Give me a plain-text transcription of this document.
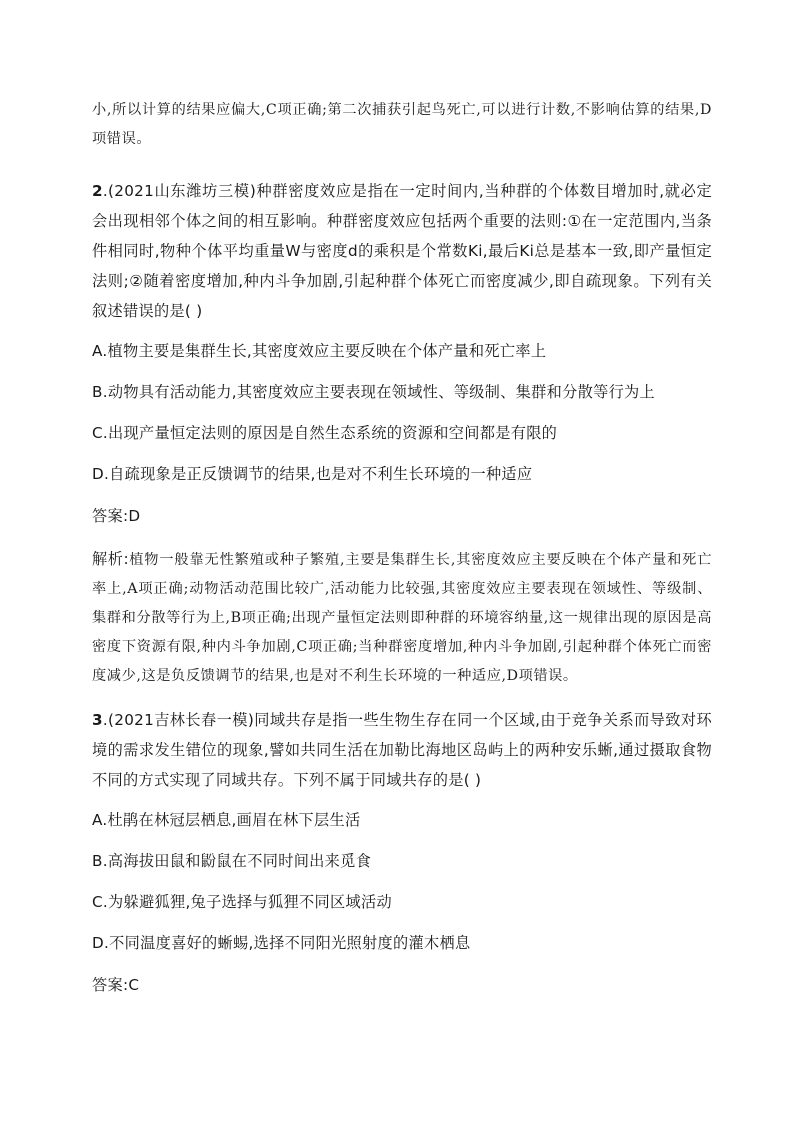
小,所以计算的结果应偏大,C项正确;第二次捕获引起鸟死亡,可以进行计数,不影响估算的结果,D项错误。

2.(2021山东潍坊三模)种群密度效应是指在一定时间内,当种群的个体数目增加时,就必定会出现相邻个体之间的相互影响。种群密度效应包括两个重要的法则:①在一定范围内,当条件相同时,物种个体平均重量W与密度d的乘积是个常数Ki,最后Ki总是基本一致,即产量恒定法则;②随着密度增加,种内斗争加剧,引起种群个体死亡而密度减少,即自疏现象。下列有关叙述错误的是( )

A.植物主要是集群生长,其密度效应主要反映在个体产量和死亡率上

B.动物具有活动能力,其密度效应主要表现在领域性、等级制、集群和分散等行为上

C.出现产量恒定法则的原因是自然生态系统的资源和空间都是有限的

D.自疏现象是正反馈调节的结果,也是对不利生长环境的一种适应

答案:D

解析:植物一般靠无性繁殖或种子繁殖,主要是集群生长,其密度效应主要反映在个体产量和死亡率上,A项正确;动物活动范围比较广,活动能力比较强,其密度效应主要表现在领域性、等级制、集群和分散等行为上,B项正确;出现产量恒定法则即种群的环境容纳量,这一规律出现的原因是高密度下资源有限,种内斗争加剧,C项正确;当种群密度增加,种内斗争加剧,引起种群个体死亡而密度减少,这是负反馈调节的结果,也是对不利生长环境的一种适应,D项错误。

3.(2021吉林长春一模)同域共存是指一些生物生存在同一个区域,由于竞争关系而导致对环境的需求发生错位的现象,譬如共同生活在加勒比海地区岛屿上的两种安乐蜥,通过摄取食物不同的方式实现了同域共存。下列不属于同域共存的是( )

A.杜鹃在林冠层栖息,画眉在林下层生活

B.高海拔田鼠和鼢鼠在不同时间出来觅食

C.为躲避狐狸,兔子选择与狐狸不同区域活动

D.不同温度喜好的蜥蜴,选择不同阳光照射度的灌木栖息

答案:C
